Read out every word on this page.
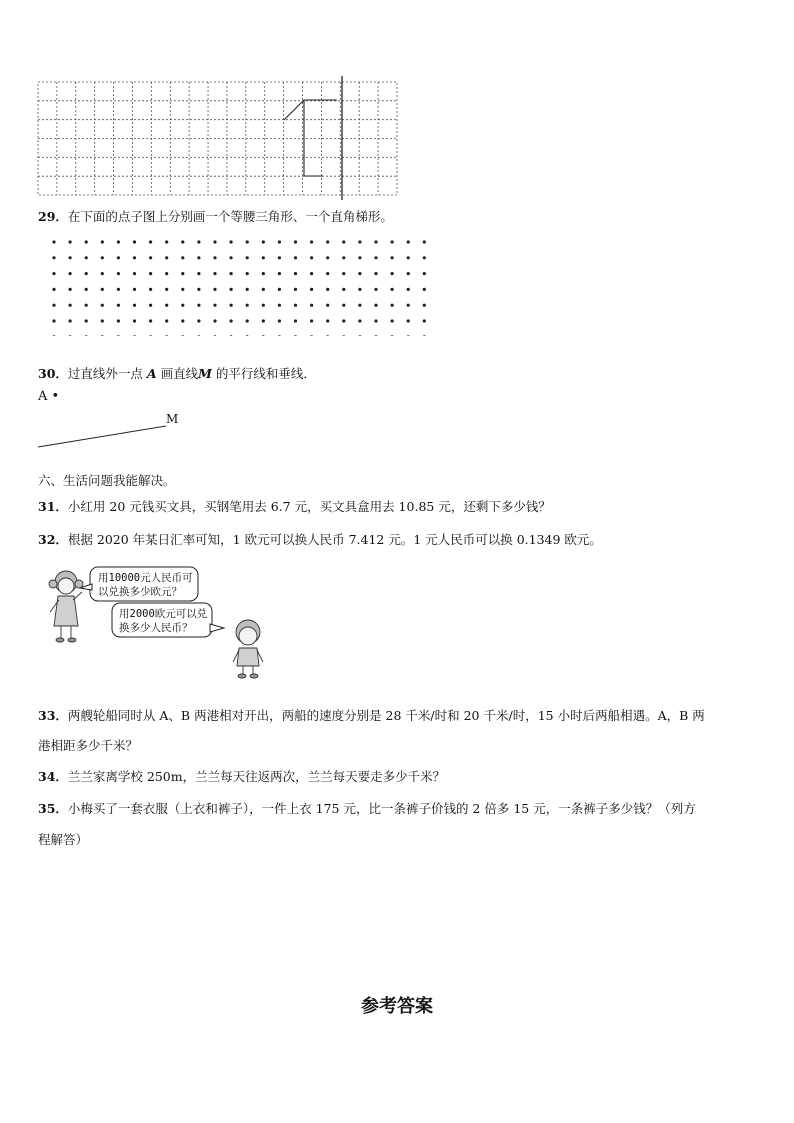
29．在下面的点子图上分别画一个等腰三角形、一个直角梯形。
30．过直线外一点 A 画直线M 的平行线和垂线．
A •
M
六、生活问题我能解决。
31．小红用 20 元钱买文具，买钢笔用去 6.7 元，买文具盒用去 10.85 元，还剩下多少钱？
32．根据 2020 年某日汇率可知，1 欧元可以换人民币 7.412 元。1 元人民币可以换 0.1349 欧元。
用10000元人民币可
以兑换多少欧元？
用2000欧元可以兑
换多少人民币？
33．两艘轮船同时从 A、B 两港相对开出，两船的速度分别是 28 千米/时和 20 千米/时，15 小时后两船相遇。A，B 两
港相距多少千米？
34．兰兰家离学校 250m，兰兰每天往返两次，兰兰每天要走多少千米？
35．小梅买了一套衣服（上衣和裤子），一件上衣 175 元，比一条裤子价钱的 2 倍多 15 元，一条裤子多少钱？（列方
程解答）
参考答案
